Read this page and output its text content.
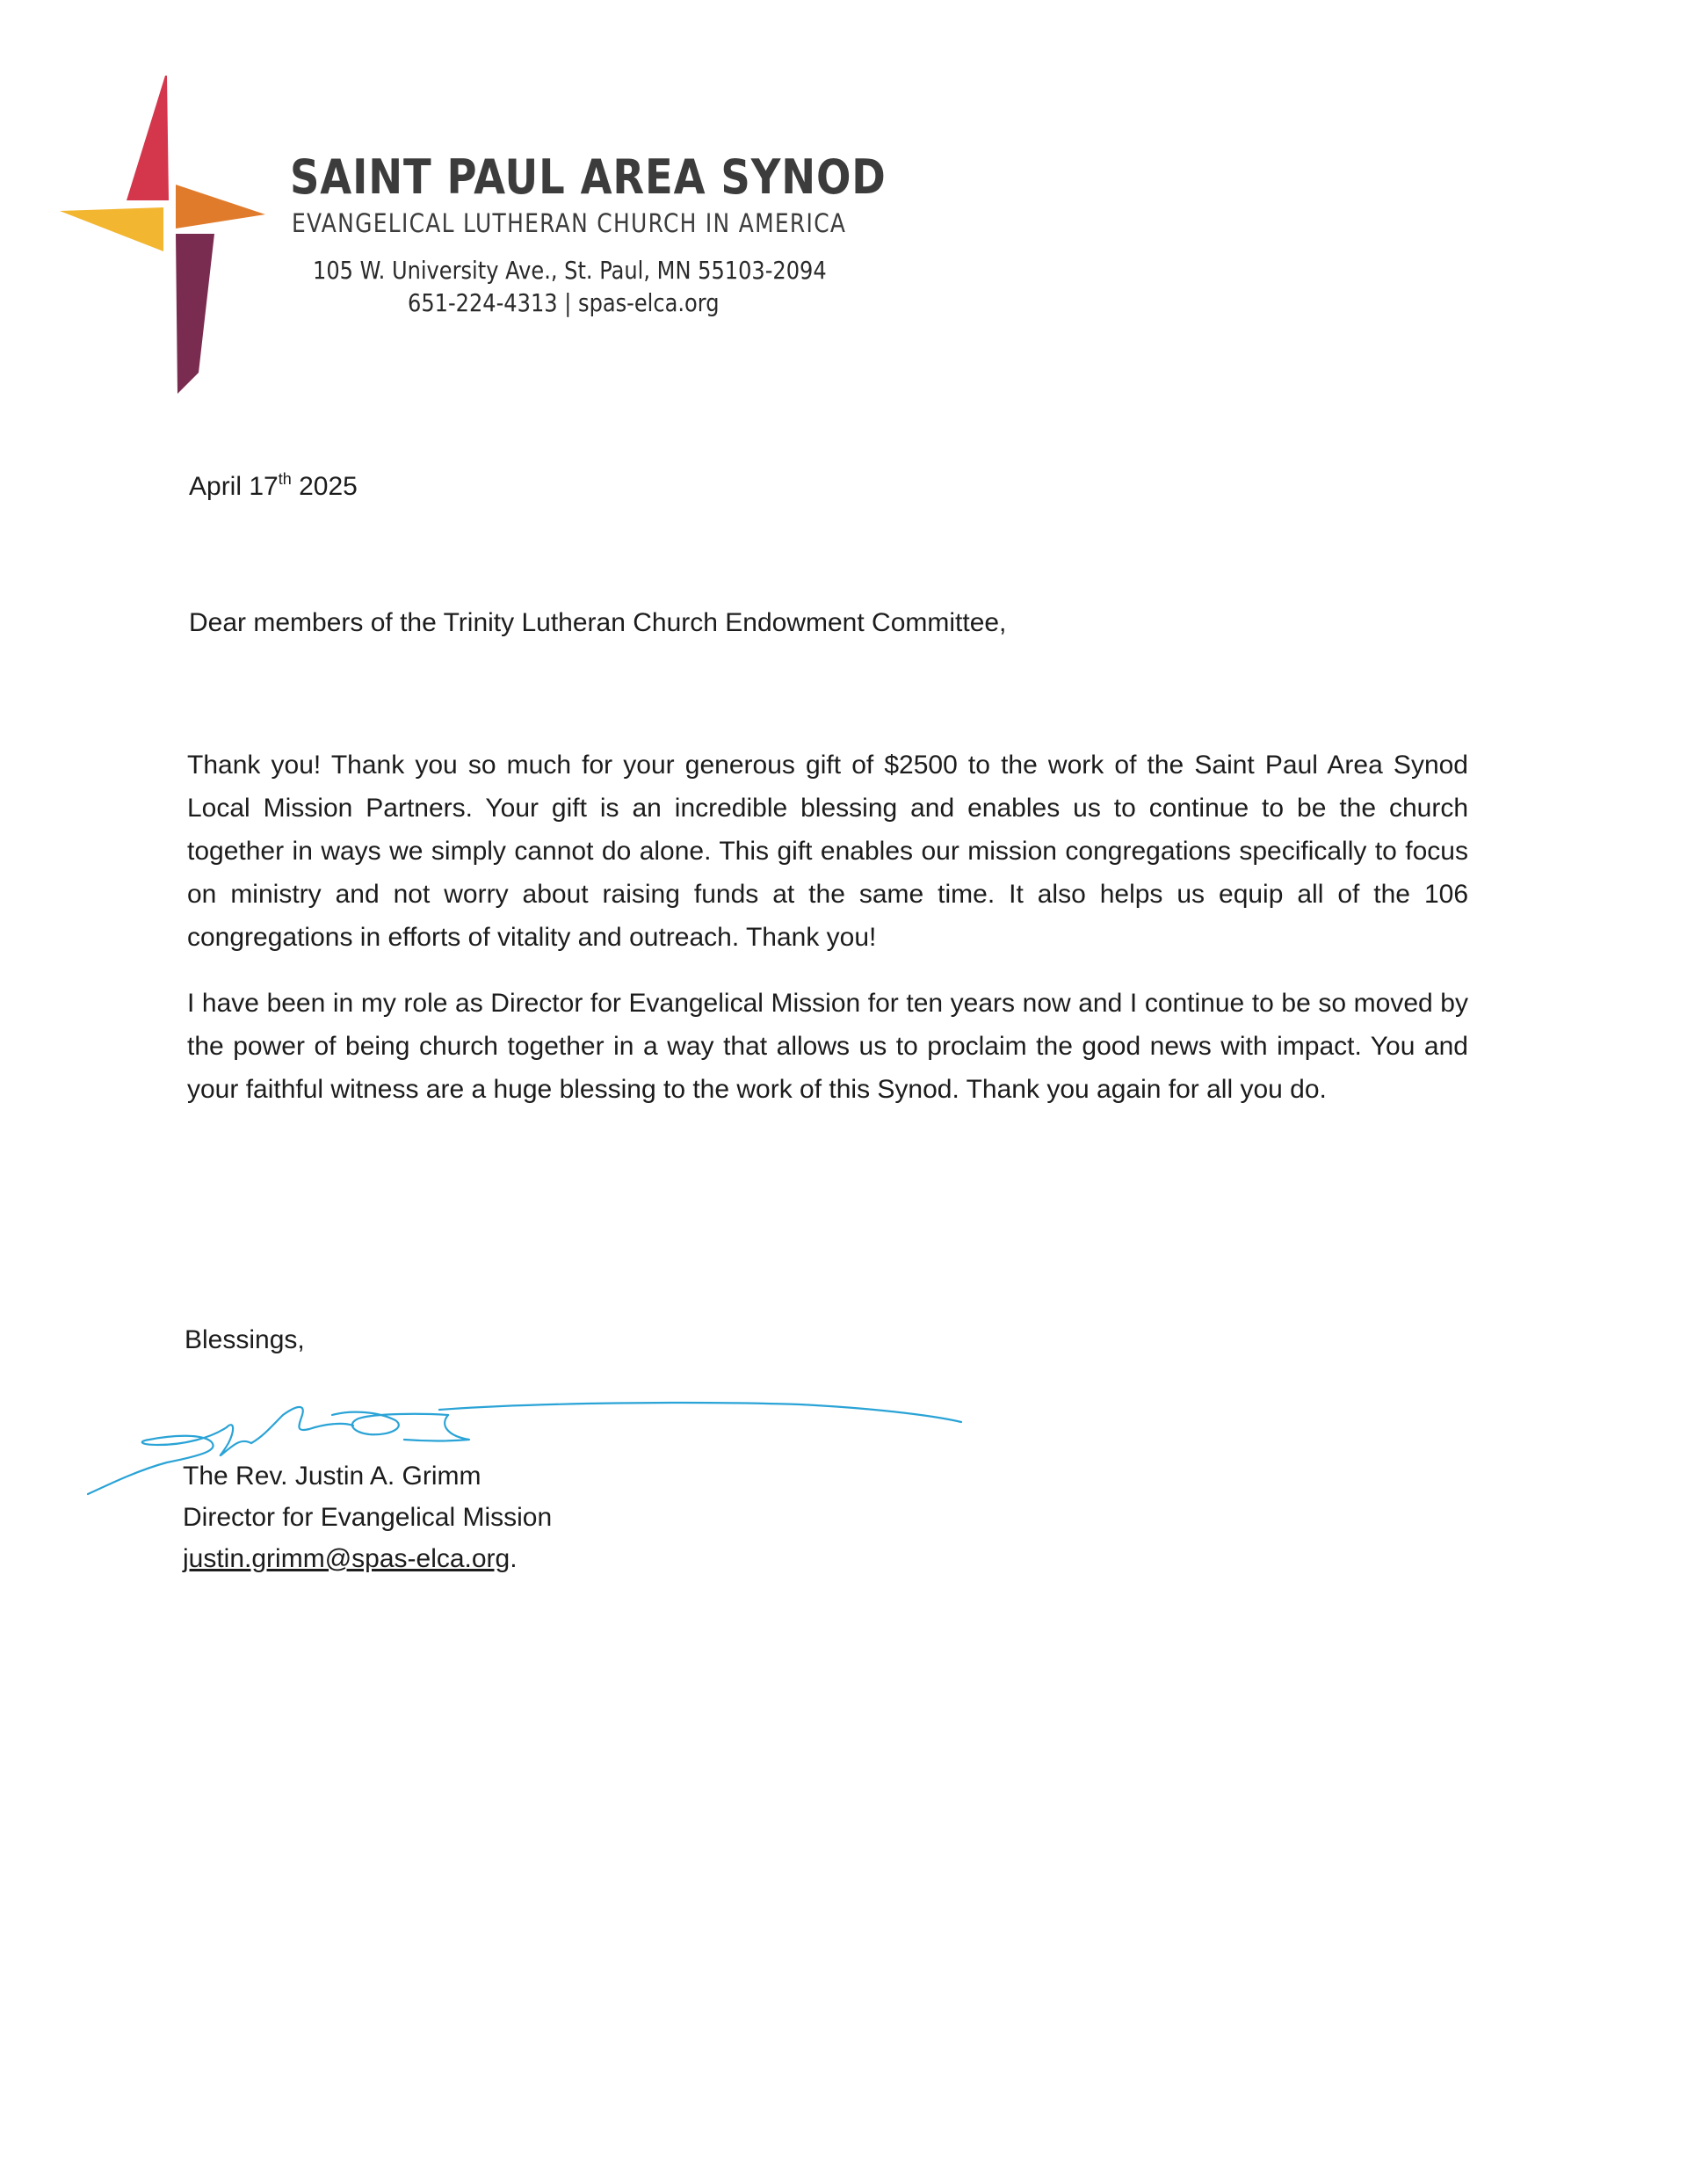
SAINT PAUL AREA SYNOD
EVANGELICAL LUTHERAN CHURCH IN AMERICA
105 W. University Ave., St. Paul, MN 55103-2094
651-224-4313 | spas-elca.org
April 17th 2025
Dear members of the Trinity Lutheran Church Endowment Committee,

Thank you! Thank you so much for your generous gift of $2500 to the work of the Saint Paul Area Synod Local Mission Partners. Your gift is an incredible blessing and enables us to continue to be the church together in ways we simply cannot do alone. This gift enables our mission congregations specifically to focus on ministry and not worry about raising funds at the same time. It also helps us equip all of the 106 congregations in efforts of vitality and outreach. Thank you!

I have been in my role as Director for Evangelical Mission for ten years now and I continue to be so moved by the power of being church together in a way that allows us to proclaim the good news with impact. You and your faithful witness are a huge blessing to the work of this Synod. Thank you again for all you do.

Blessings,
The Rev. Justin A. Grimm
Director for Evangelical Mission
justin.grimm@spas-elca.org.
